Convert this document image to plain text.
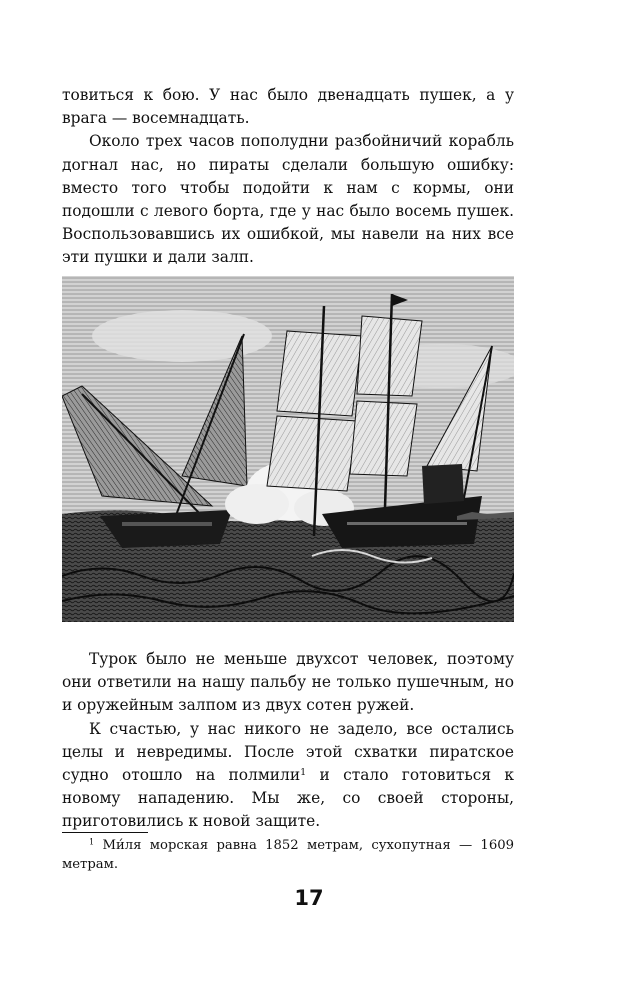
товиться к бою. У нас было двенадцать пушек, а у врага — восемнадцать.

Около трех часов пополудни разбойничий корабль догнал нас, но пираты сделали большую ошибку: вместо того чтобы подойти к нам с кормы, они подошли с левого борта, где у нас было восемь пушек. Воспользовавшись их ошибкой, мы навели на них все эти пушки и дали залп.

Турок было не меньше двухсот человек, поэтому они ответили на нашу пальбу не только пушечным, но и оружейным залпом из двух сотен ружей.

К счастью, у нас никого не задело, все остались целы и невредимы. После этой схватки пиратское судно отошло на полмили$^1$ и стало готовиться к новому нападению. Мы же, со своей стороны, приготовились к новой защите.

$^1$ Ми́ля морская равна 1852 метрам, сухопутная — 1609 метрам.

17
